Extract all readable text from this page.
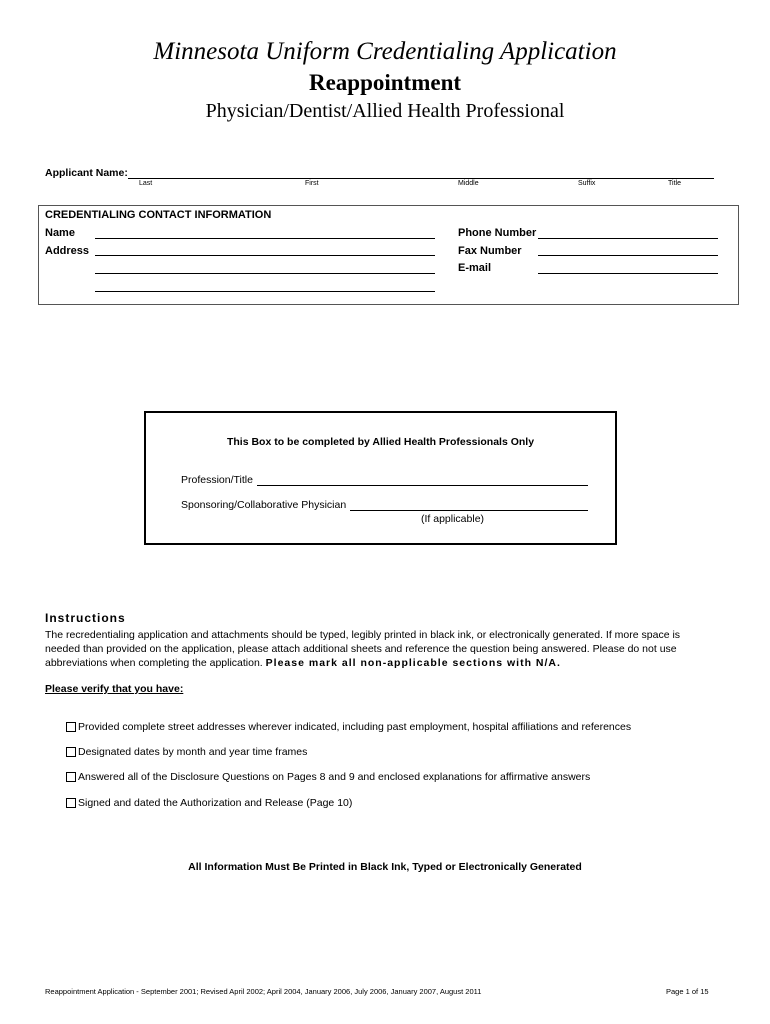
Minnesota Uniform Credentialing Application
Reappointment
Physician/Dentist/Allied Health Professional
Applicant Name:
Last	First	Middle	Suffix	Title
CREDENTIALING CONTACT INFORMATION
Name
Address
Phone Number
Fax Number
E-mail
This Box to be completed by Allied Health Professionals Only
Profession/Title
Sponsoring/Collaborative Physician
(If applicable)
Instructions
The recredentialing application and attachments should be typed, legibly printed in black ink, or electronically generated. If more space is
needed than provided on the application, please attach additional sheets and reference the question being answered. Please do not use
abbreviations when completing the application. Please mark all non-applicable sections with N/A.
Please verify that you have:
Provided complete street addresses wherever indicated, including past employment, hospital affiliations and references
Designated dates by month and year time frames
Answered all of the Disclosure Questions on Pages 8 and 9 and enclosed explanations for affirmative answers
Signed and dated the Authorization and Release (Page 10)
All Information Must Be Printed in Black Ink, Typed or Electronically Generated
Reappointment Application - September 2001; Revised April 2002; April 2004, January 2006, July 2006, January 2007, August 2011	Page 1 of 15
